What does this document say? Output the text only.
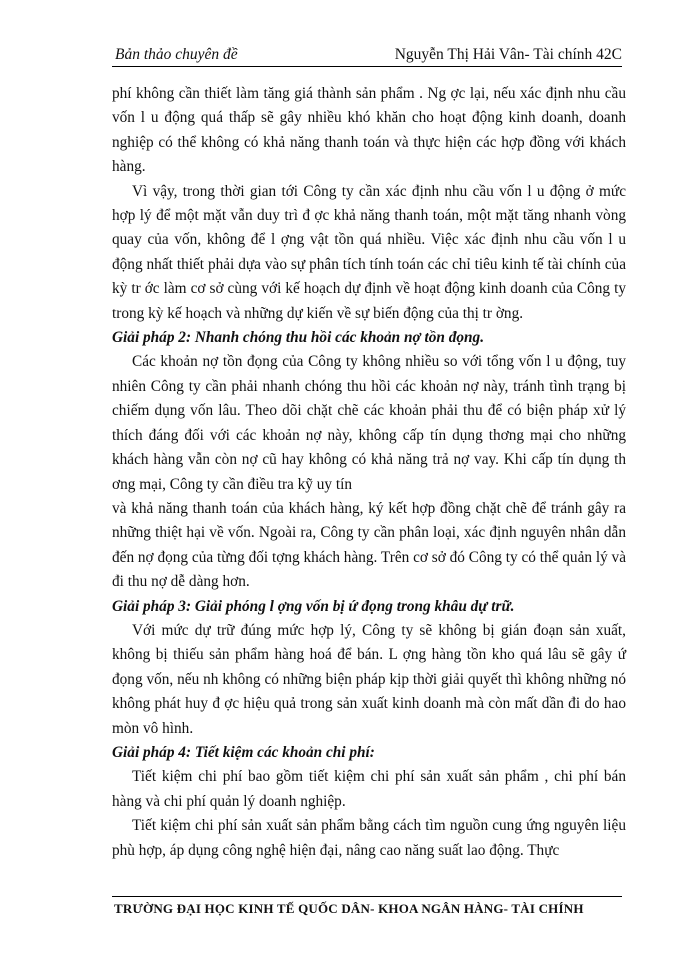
Bản thảo chuyên đề	Nguyễn Thị Hải Vân- Tài chính 42C

phí không cần thiết làm tăng giá thành sản phẩm . Ng ợc lại, nếu xác định nhu cầu vốn l u động quá thấp sẽ gây nhiều khó khăn cho hoạt động kinh doanh, doanh nghiệp có thể không có khả năng thanh toán và thực hiện các hợp đồng với khách hàng.

Vì vậy, trong thời gian tới Công ty cần xác định nhu cầu vốn l u động ở mức hợp lý để một mặt vẫn duy trì đ ợc khả năng thanh toán, một mặt tăng nhanh vòng quay của vốn, không để l ợng vật tồn quá nhiều. Việc xác định nhu cầu vốn l u động nhất thiết phải dựa vào sự phân tích tính toán các chỉ tiêu kinh tế tài chính của kỳ tr ớc làm cơ sở cùng với kế hoạch dự định về hoạt động kinh doanh của Công ty trong kỳ kế hoạch và những dự kiến về sự biến động của thị tr ờng.

Giải pháp 2: Nhanh chóng thu hồi các khoản nợ tồn đọng.

Các khoản nợ tồn đọng của Công ty không nhiều so với tổng vốn l u động, tuy nhiên Công ty cần phải nhanh chóng thu hồi các khoản nợ này, tránh tình trạng bị chiếm dụng vốn lâu. Theo dõi chặt chẽ các khoản phải thu để có biện pháp xử lý thích đáng đối với các khoản nợ này, không cấp tín dụng thơng mại cho những khách hàng vẫn còn nợ cũ hay không có khả năng trả nợ vay. Khi cấp tín dụng th ơng mại, Công ty cần điều tra kỹ uy tín

và khả năng thanh toán của khách hàng, ký kết hợp đồng chặt chẽ để tránh gây ra những thiệt hại về vốn. Ngoài ra, Công ty cần phân loại, xác định nguyên nhân dẫn đến nợ đọng của từng đối tợng khách hàng. Trên cơ sở đó Công ty có thể quản lý và đi thu nợ dễ dàng hơn.

Giải pháp 3: Giải phóng l ợng vốn bị ứ đọng trong khâu dự trữ.

Với mức dự trữ đúng mức hợp lý, Công ty sẽ không bị gián đoạn sản xuất, không bị thiếu sản phẩm hàng hoá để bán. L ợng hàng tồn kho quá lâu sẽ gây ứ đọng vốn, nếu nh không có những biện pháp kịp thời giải quyết thì không những nó không phát huy đ ợc hiệu quả trong sản xuất kinh doanh mà còn mất dần đi do hao mòn vô hình.

Giải pháp 4: Tiết kiệm các khoản chi phí:

Tiết kiệm chi phí bao gồm tiết kiệm chi phí sản xuất sản phẩm , chi phí bán hàng và chi phí quản lý doanh nghiệp.

Tiết kiệm chi phí sản xuất sản phẩm bằng cách tìm nguồn cung ứng nguyên liệu phù hợp, áp dụng công nghệ hiện đại, nâng cao năng suất lao động. Thực

TRƯỜNG ĐẠI HỌC KINH TẾ QUỐC DÂN- KHOA NGÂN HÀNG- TÀI CHÍNH
